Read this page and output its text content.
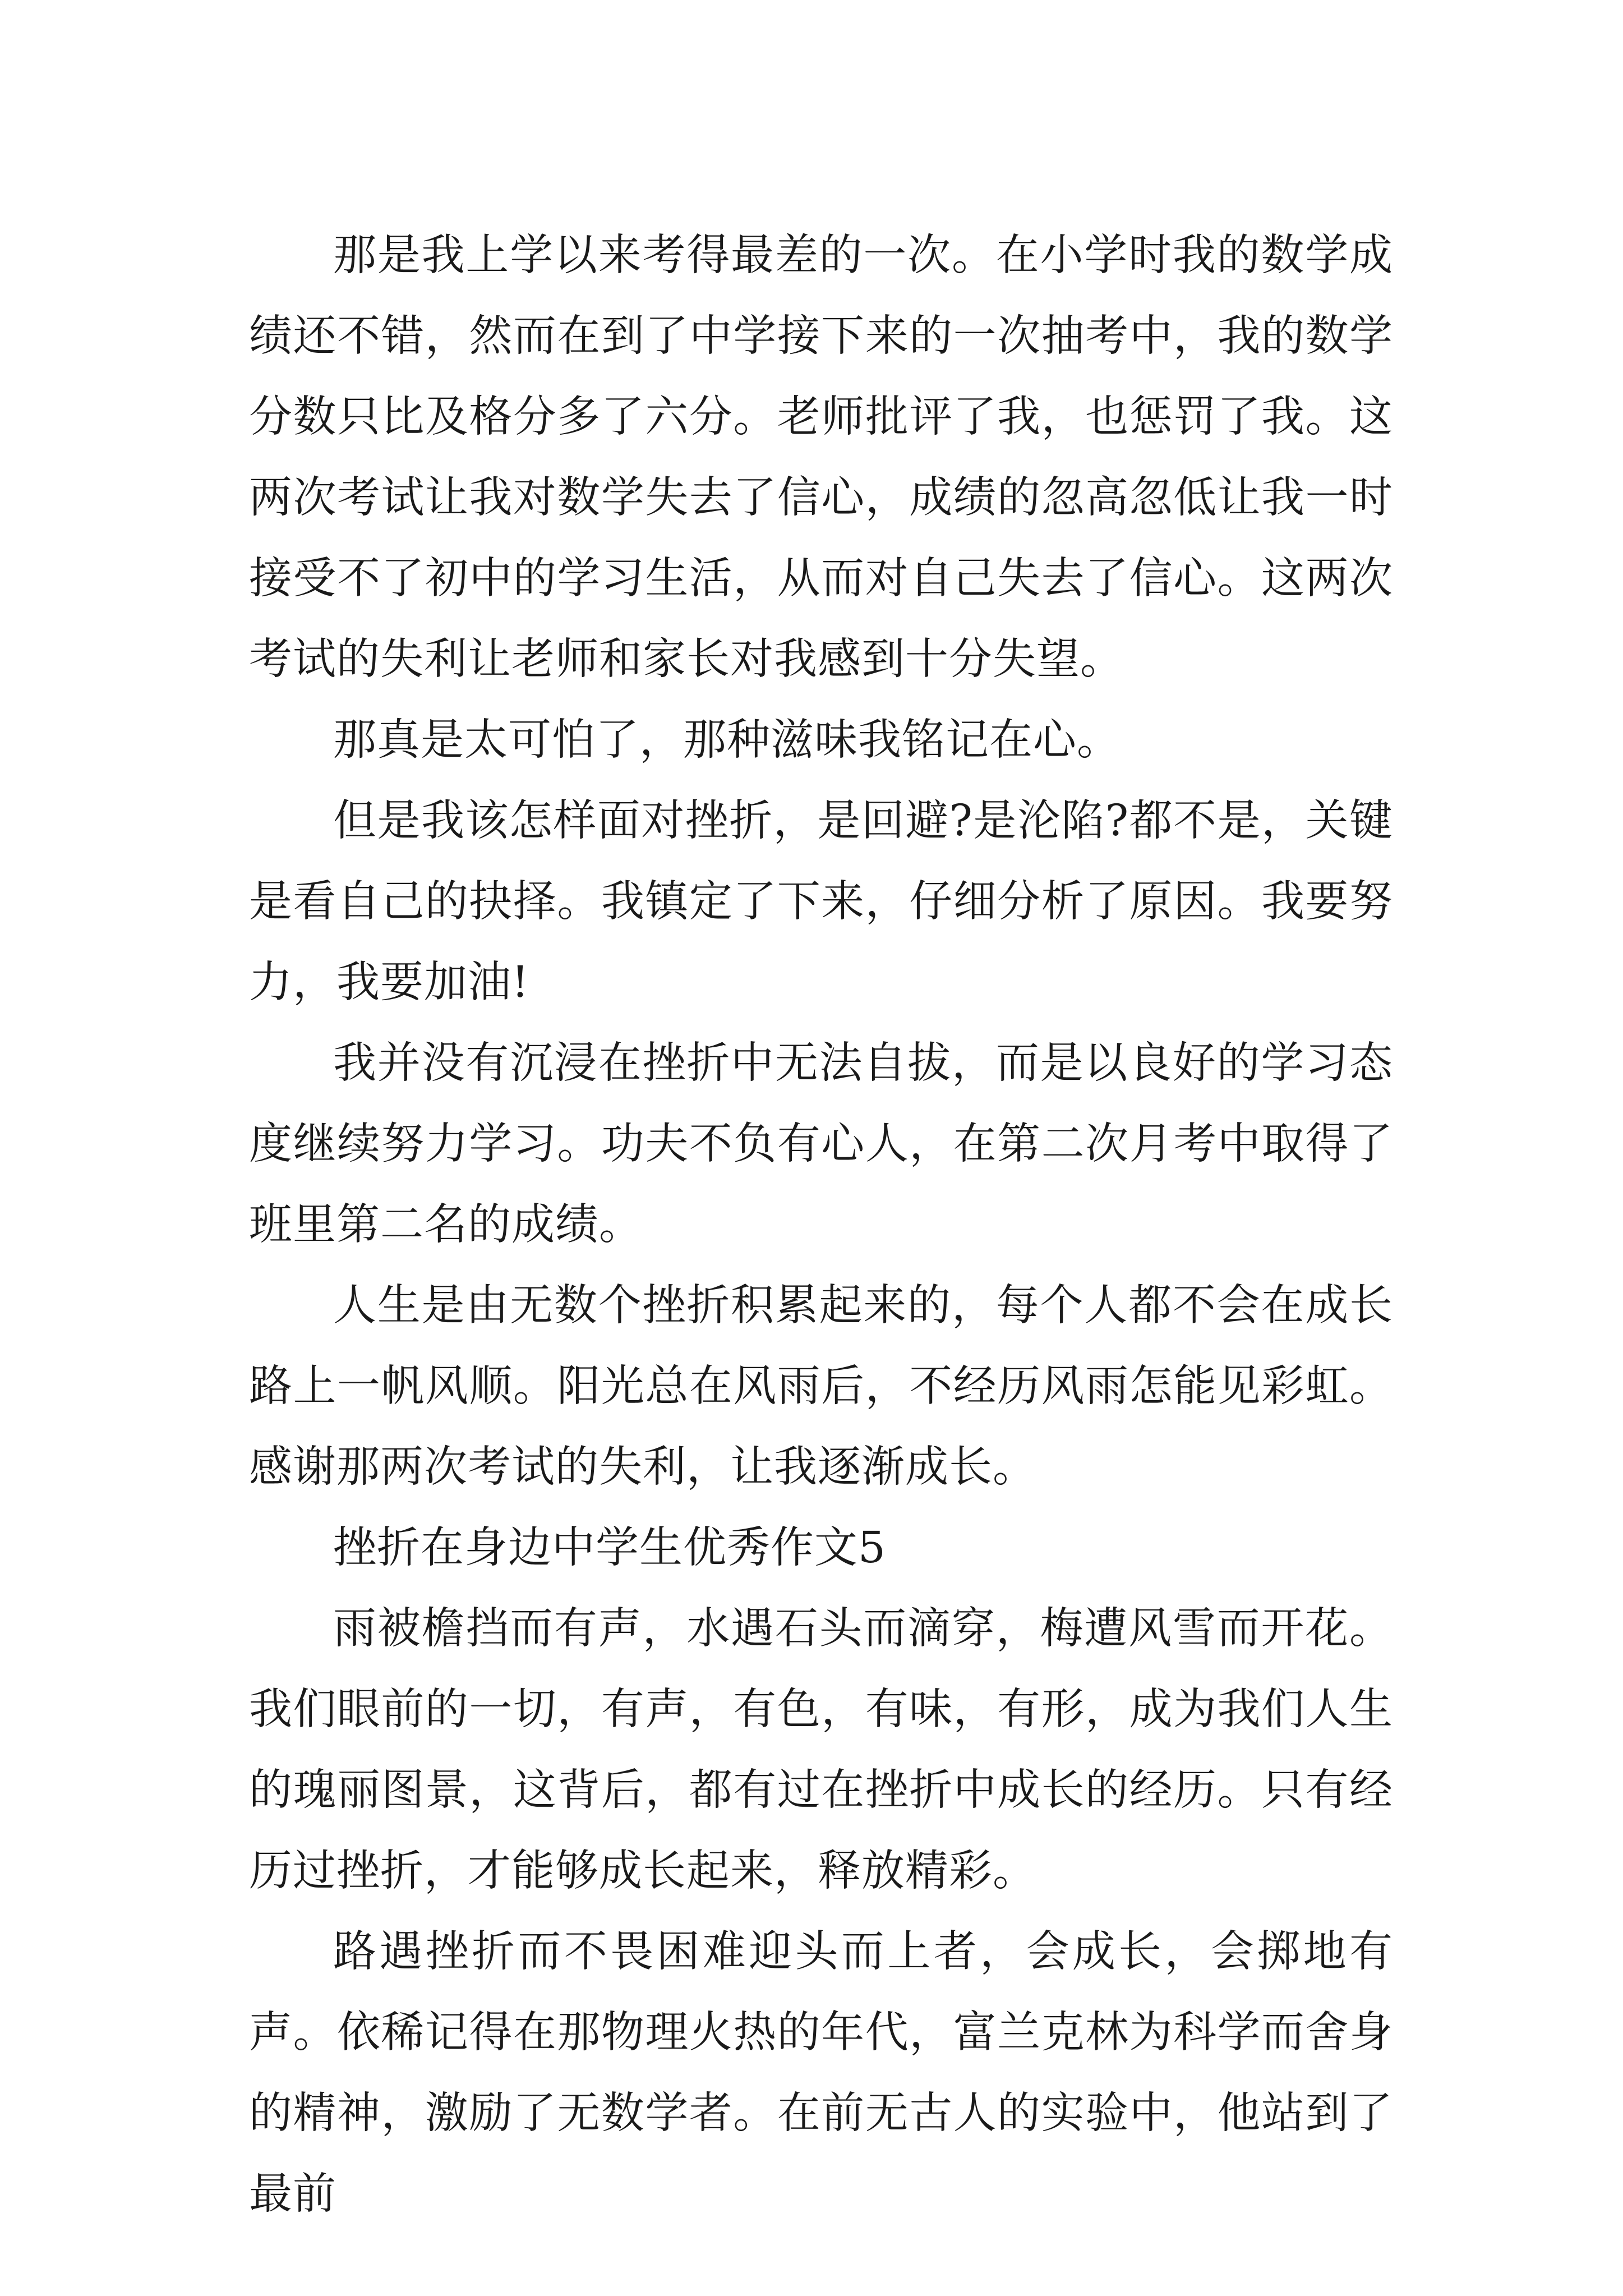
那是我上学以来考得最差的一次。在小学时我的数学成绩还不错，然而在到了中学接下来的一次抽考中，我的数学分数只比及格分多了六分。老师批评了我，也惩罚了我。这两次考试让我对数学失去了信心，成绩的忽高忽低让我一时接受不了初中的学习生活，从而对自己失去了信心。这两次考试的失利让老师和家长对我感到十分失望。

那真是太可怕了，那种滋味我铭记在心。

但是我该怎样面对挫折，是回避?是沦陷?都不是，关键是看自己的抉择。我镇定了下来，仔细分析了原因。我要努力，我要加油!

我并没有沉浸在挫折中无法自拔，而是以良好的学习态度继续努力学习。功夫不负有心人，在第二次月考中取得了班里第二名的成绩。

人生是由无数个挫折积累起来的，每个人都不会在成长路上一帆风顺。阳光总在风雨后，不经历风雨怎能见彩虹。感谢那两次考试的失利，让我逐渐成长。

挫折在身边中学生优秀作文5

雨被檐挡而有声，水遇石头而滴穿，梅遭风雪而开花。我们眼前的一切，有声，有色，有味，有形，成为我们人生的瑰丽图景，这背后，都有过在挫折中成长的经历。只有经历过挫折，才能够成长起来，释放精彩。

路遇挫折而不畏困难迎头而上者，会成长，会掷地有声。依稀记得在那物理火热的年代，富兰克林为科学而舍身的精神，激励了无数学者。在前无古人的实验中，他站到了最前
